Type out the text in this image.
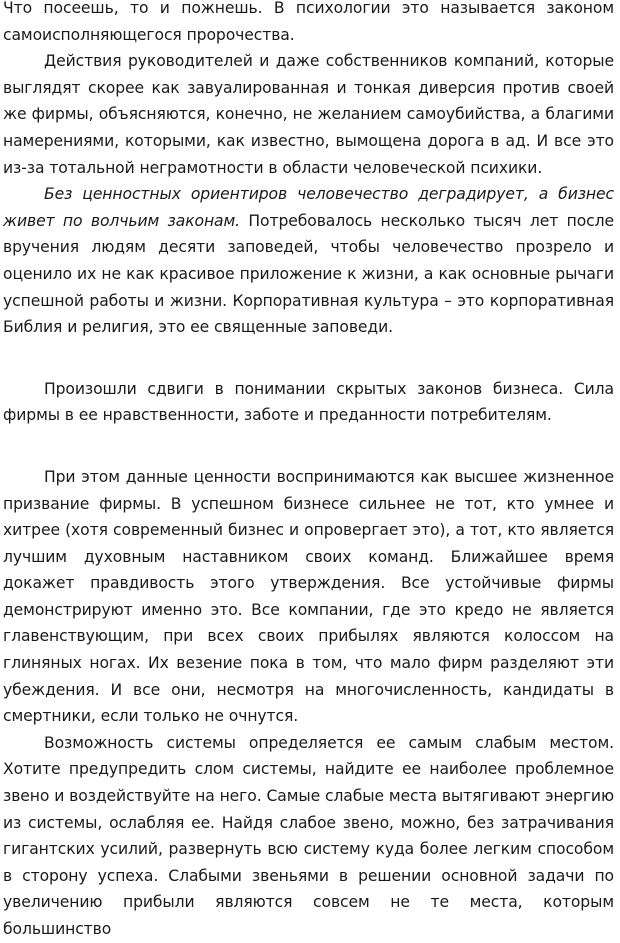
Что посеешь, то и пожнешь. В психологии это называется законом самоисполняющегося пророчества.

Действия руководителей и даже собственников компаний, которые выглядят скорее как завуалированная и тонкая диверсия против своей же фирмы, объясняются, конечно, не желанием самоубийства, а благими намерениями, которыми, как известно, вымощена дорога в ад. И все это из-за тотальной неграмотности в области человеческой психики.

Без ценностных ориентиров человечество деградирует, а бизнес живет по волчьим законам. Потребовалось несколько тысяч лет после вручения людям десяти заповедей, чтобы человечество прозрело и оценило их не как красивое приложение к жизни, а как основные рычаги успешной работы и жизни. Корпоративная культура – это корпоративная Библия и религия, это ее священные заповеди.

Произошли сдвиги в понимании скрытых законов бизнеса. Сила фирмы в ее нравственности, заботе и преданности потребителям.

При этом данные ценности воспринимаются как высшее жизненное призвание фирмы. В успешном бизнесе сильнее не тот, кто умнее и хитрее (хотя современный бизнес и опровергает это), а тот, кто является лучшим духовным наставником своих команд. Ближайшее время докажет правдивость этого утверждения. Все устойчивые фирмы демонстрируют именно это. Все компании, где это кредо не является главенствующим, при всех своих прибылях являются колоссом на глиняных ногах. Их везение пока в том, что мало фирм разделяют эти убеждения. И все они, несмотря на многочисленность, кандидаты в смертники, если только не очнутся.

Возможность системы определяется ее самым слабым местом. Хотите предупредить слом системы, найдите ее наиболее проблемное звено и воздействуйте на него. Самые слабые места вытягивают энергию из системы, ослабляя ее. Найдя слабое звено, можно, без затрачивания гигантских усилий, развернуть всю систему куда более легким способом в сторону успеха. Слабыми звеньями в решении основной задачи по увеличению прибыли являются совсем не те места, которым большинство
